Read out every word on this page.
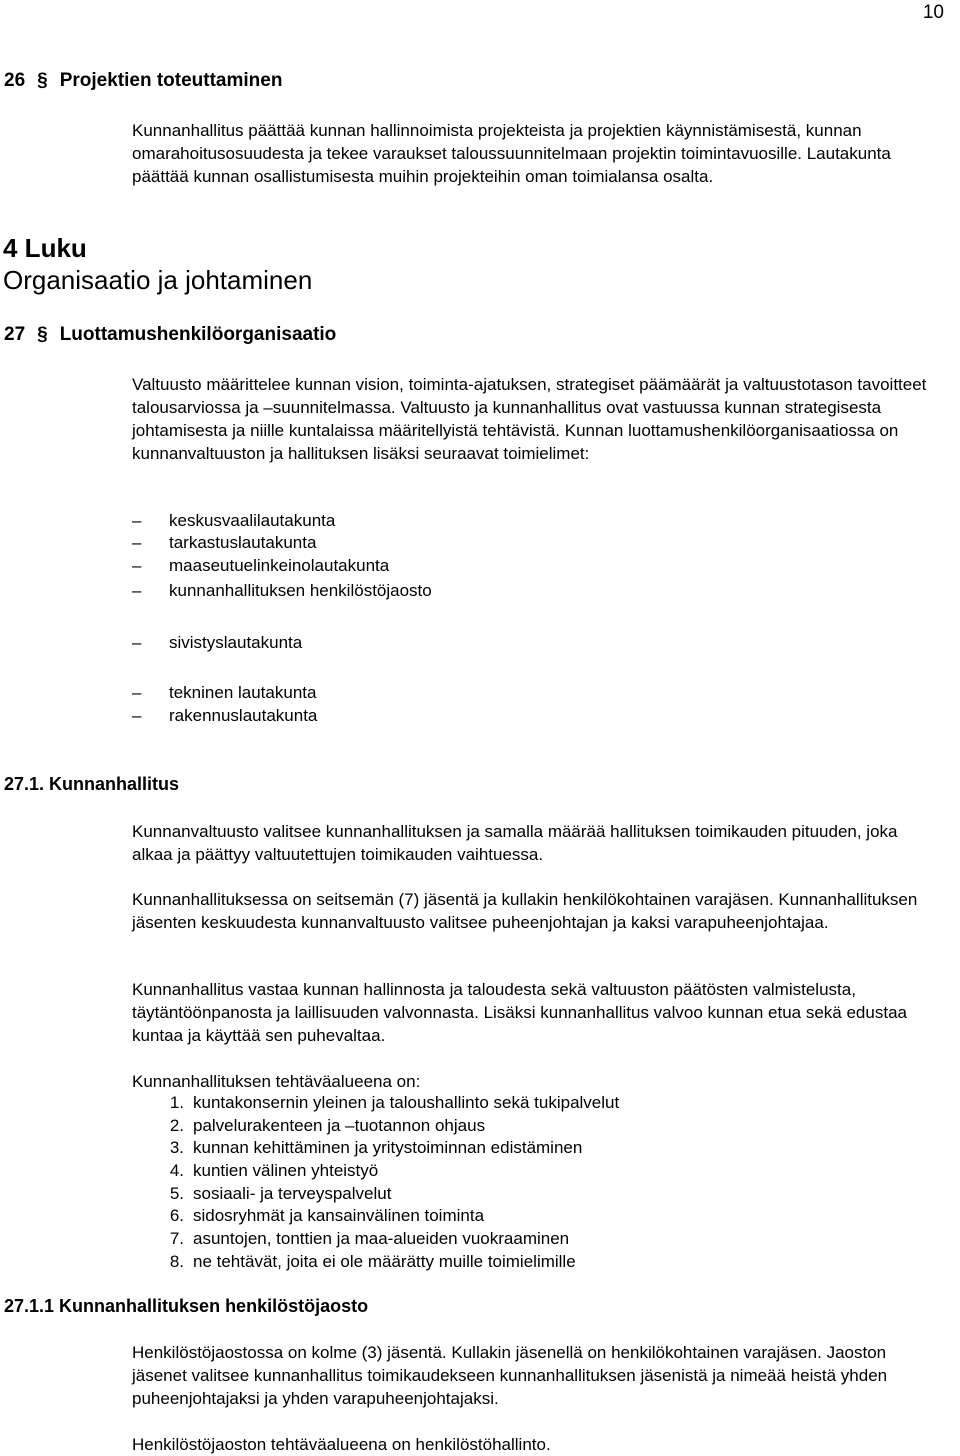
10
26 § Projektien toteuttaminen
Kunnanhallitus päättää kunnan hallinnoimista projekteista ja projektien käynnistämisestä, kunnan omarahoitusosuudesta ja tekee varaukset taloussuunnitelmaan projektin toimintavuosille. Lautakunta päättää kunnan osallistumisesta muihin projekteihin oman toimialansa osalta.
4 Luku
Organisaatio ja johtaminen
27 § Luottamushenkilöorganisaatio
Valtuusto määrittelee kunnan vision, toiminta-ajatuksen, strategiset päämäärät ja valtuustotason tavoitteet talousarviossa ja –suunnitelmassa. Valtuusto ja kunnanhallitus ovat vastuussa kunnan strategisesta johtamisesta ja niille kuntalaissa määritellyistä tehtävistä. Kunnan luottamushenkilöorganisaatiossa on kunnanvaltuuston ja hallituksen lisäksi seuraavat toimielimet:
– keskusvaalilautakunta
– tarkastuslautakunta
– maaseutuelinkeinolautakunta
– kunnanhallituksen henkilöstöjaosto
– sivistyslautakunta
– tekninen lautakunta
– rakennuslautakunta
27.1. Kunnanhallitus
Kunnanvaltuusto valitsee kunnanhallituksen ja samalla määrää hallituksen toimikauden pituuden, joka alkaa ja päättyy valtuutettujen toimikauden vaihtuessa.
Kunnanhallituksessa on seitsemän (7) jäsentä ja kullakin henkilökohtainen varajäsen. Kunnanhallituksen jäsenten keskuudesta kunnanvaltuusto valitsee puheenjohtajan ja kaksi varapuheenjohtajaa.
Kunnanhallitus vastaa kunnan hallinnosta ja taloudesta sekä valtuuston päätösten valmistelusta, täytäntöönpanosta ja laillisuuden valvonnasta. Lisäksi kunnanhallitus valvoo kunnan etua sekä edustaa kuntaa ja käyttää sen puhevaltaa.
Kunnanhallituksen tehtäväalueena on:
1. kuntakonsernin yleinen ja taloushallinto sekä tukipalvelut
2. palvelurakenteen ja –tuotannon ohjaus
3. kunnan kehittäminen ja yritystoiminnan edistäminen
4. kuntien välinen yhteistyö
5. sosiaali- ja terveyspalvelut
6. sidosryhmät ja kansainvälinen toiminta
7. asuntojen, tonttien ja maa-alueiden vuokraaminen
8. ne tehtävät, joita ei ole määrätty muille toimielimille
27.1.1 Kunnanhallituksen henkilöstöjaosto
Henkilöstöjaostossa on kolme (3) jäsentä. Kullakin jäsenellä on henkilökohtainen varajäsen. Jaoston jäsenet valitsee kunnanhallitus toimikaudekseen kunnanhallituksen jäsenistä ja nimeää heistä yhden puheenjohtajaksi ja yhden varapuheenjohtajaksi.
Henkilöstöjaoston tehtäväalueena on henkilöstöhallinto.
